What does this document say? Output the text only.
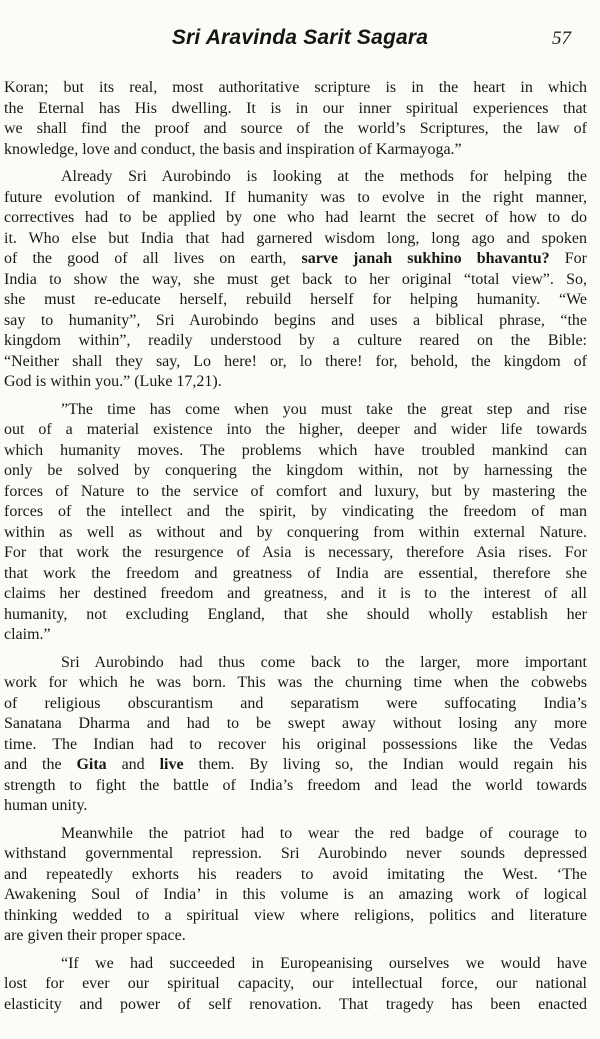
Sri Aravinda Sarit Sagara	57
Koran; but its real, most authoritative scripture is in the heart in which
the Eternal has His dwelling. It is in our inner spiritual experiences that
we shall find the proof and source of the world’s Scriptures, the law of
knowledge, love and conduct, the basis and inspiration of Karmayoga.”
Already Sri Aurobindo is looking at the methods for helping the
future evolution of mankind. If humanity was to evolve in the right manner,
correctives had to be applied by one who had learnt the secret of how to do
it. Who else but India that had garnered wisdom long, long ago and spoken
of the good of all lives on earth, sarve janah sukhino bhavantu? For
India to show the way, she must get back to her original “total view”. So,
she must re-educate herself, rebuild herself for helping humanity. “We
say to humanity”, Sri Aurobindo begins and uses a biblical phrase, “the
kingdom within”, readily understood by a culture reared on the Bible:
“Neither shall they say, Lo here! or, lo there! for, behold, the kingdom of
God is within you.” (Luke 17,21).
”The time has come when you must take the great step and rise
out of a material existence into the higher, deeper and wider life towards
which humanity moves. The problems which have troubled mankind can
only be solved by conquering the kingdom within, not by harnessing the
forces of Nature to the service of comfort and luxury, but by mastering the
forces of the intellect and the spirit, by vindicating the freedom of man
within as well as without and by conquering from within external Nature.
For that work the resurgence of Asia is necessary, therefore Asia rises. For
that work the freedom and greatness of India are essential, therefore she
claims her destined freedom and greatness, and it is to the interest of all
humanity, not excluding England, that she should wholly establish her
claim.”
Sri Aurobindo had thus come back to the larger, more important
work for which he was born. This was the churning time when the cobwebs
of religious obscurantism and separatism were suffocating India’s
Sanatana Dharma and had to be swept away without losing any more
time. The Indian had to recover his original possessions like the Vedas
and the Gita and live them. By living so, the Indian would regain his
strength to fight the battle of India’s freedom and lead the world towards
human unity.
Meanwhile the patriot had to wear the red badge of courage to
withstand governmental repression. Sri Aurobindo never sounds depressed
and repeatedly exhorts his readers to avoid imitating the West. ‘The
Awakening Soul of India’ in this volume is an amazing work of logical
thinking wedded to a spiritual view where religions, politics and literature
are given their proper space.
“If we had succeeded in Europeanising ourselves we would have
lost for ever our spiritual capacity, our intellectual force, our national
elasticity and power of self renovation. That tragedy has been enacted
